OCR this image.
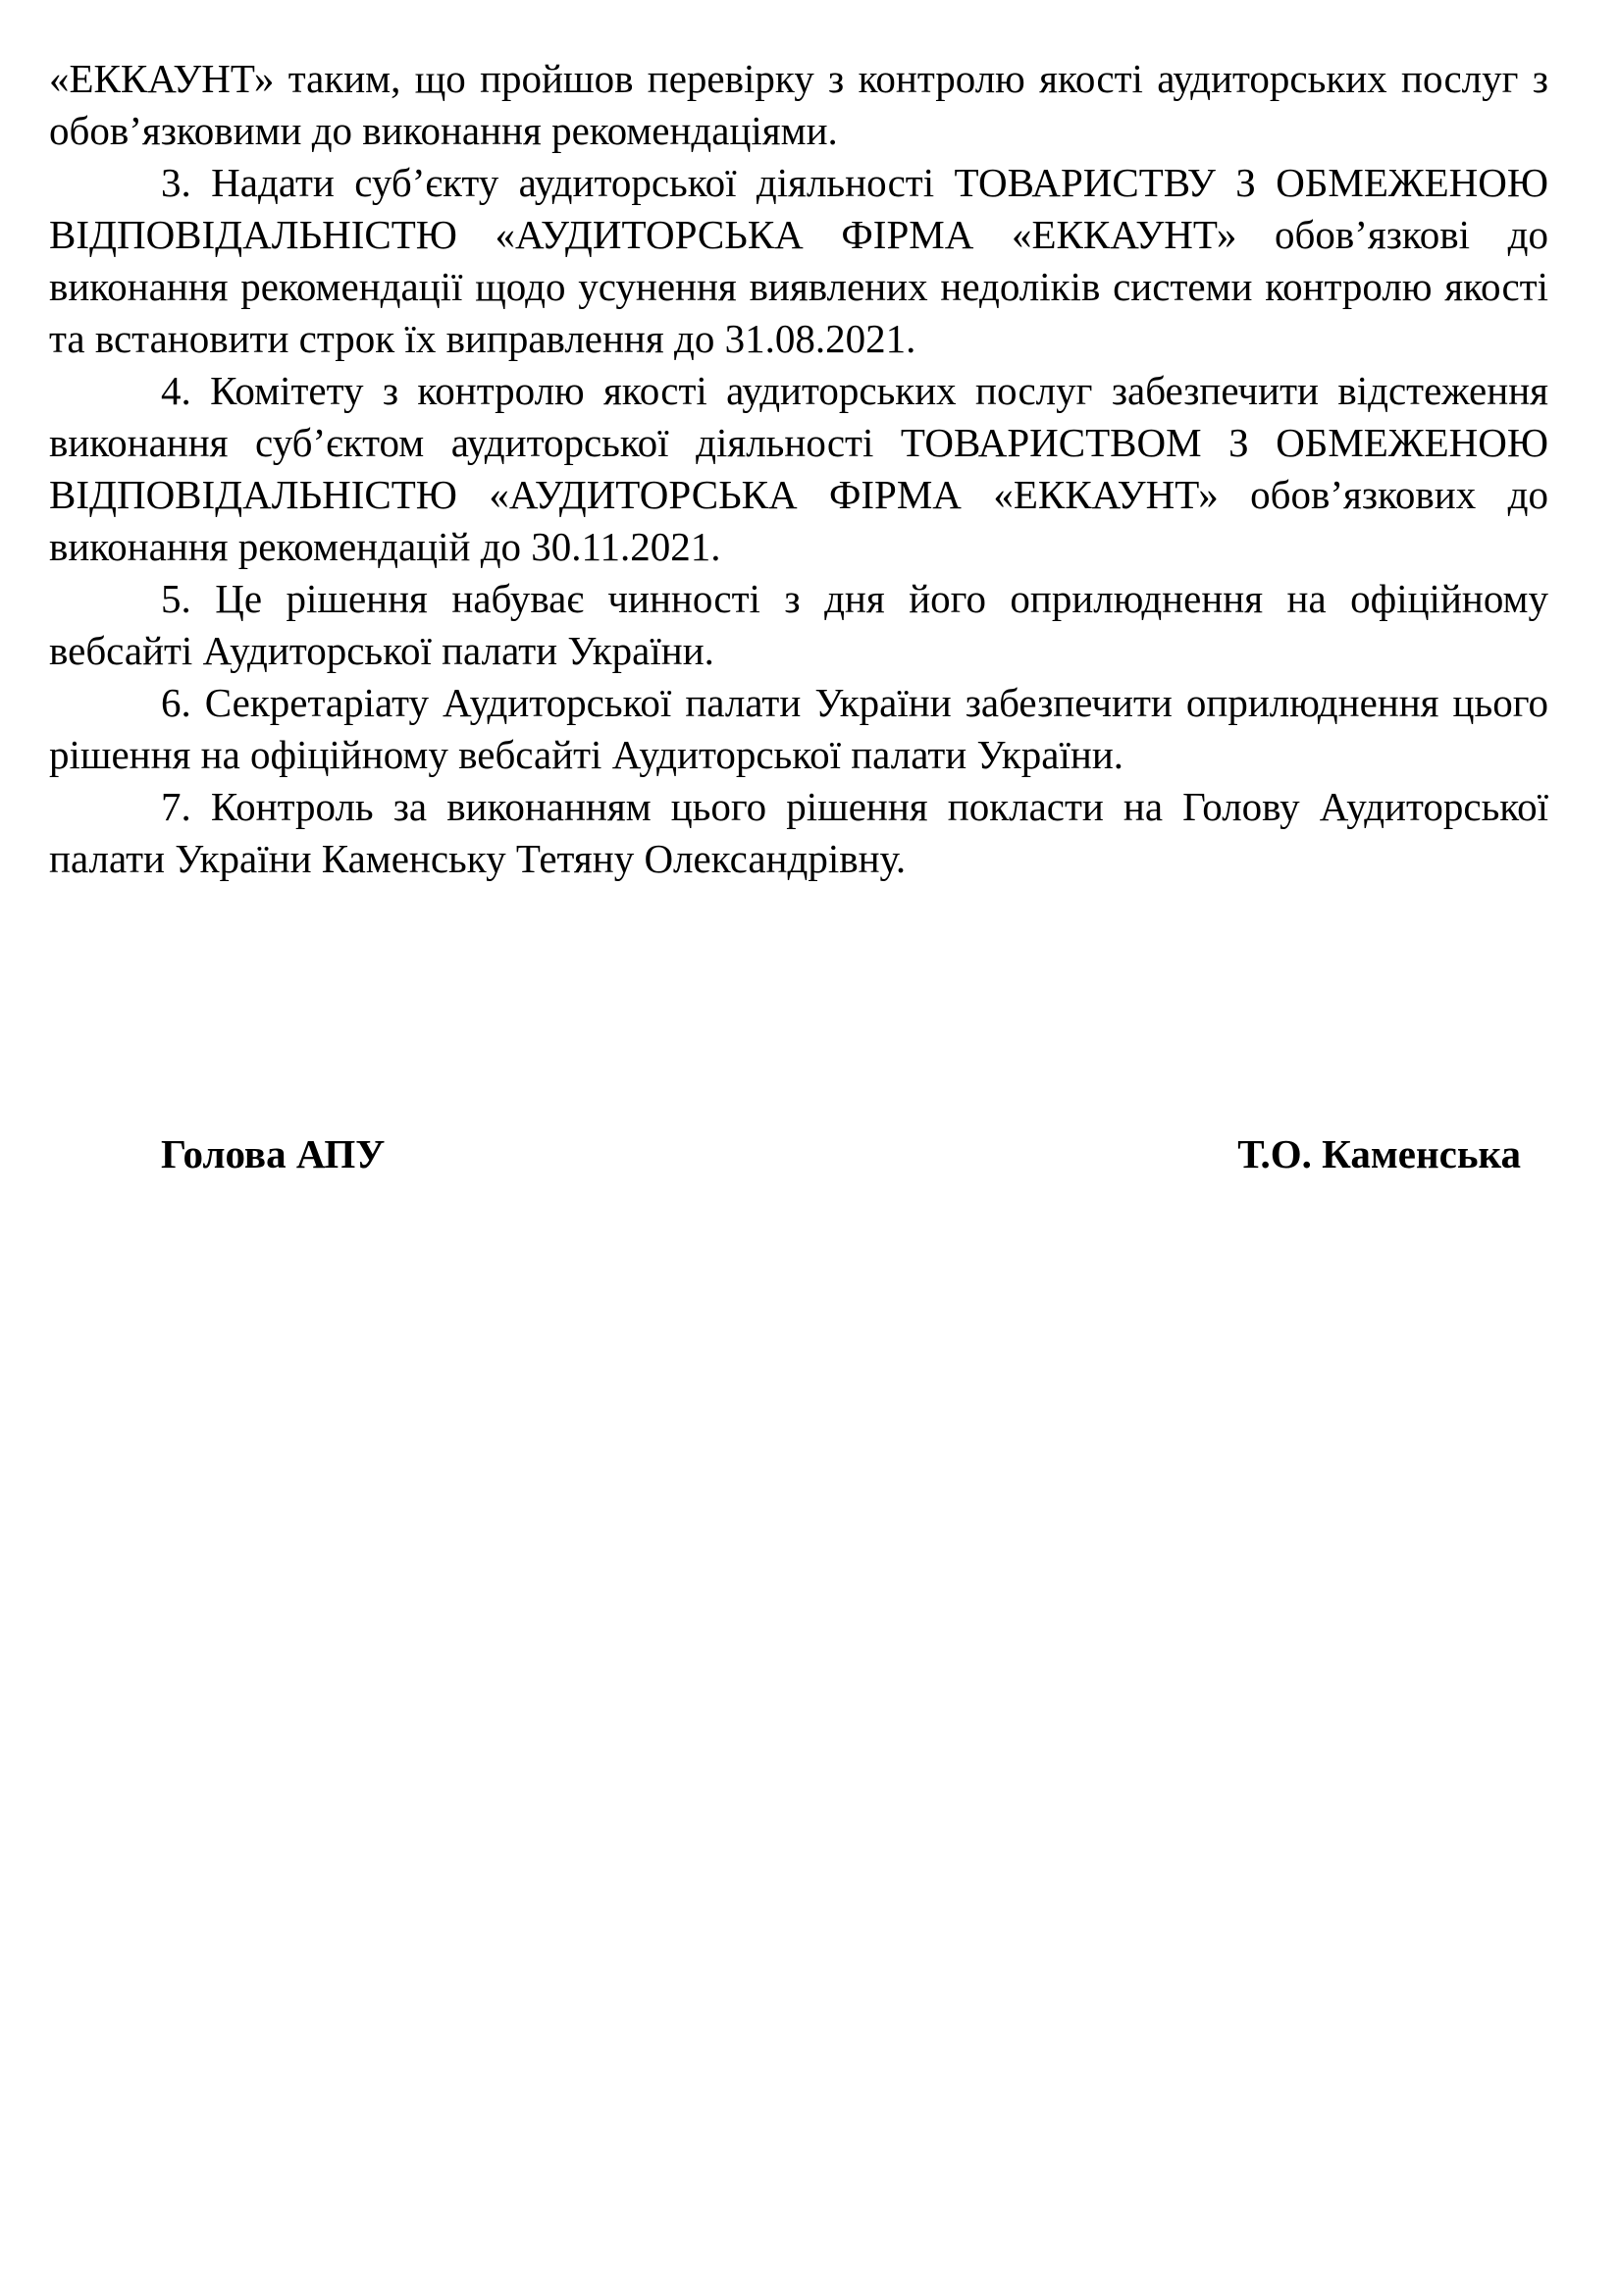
«ЕККАУНТ» таким, що пройшов перевірку з контролю якості аудиторських послуг з обов’язковими до виконання рекомендаціями.

3. Надати суб’єкту аудиторської діяльності ТОВАРИСТВУ З ОБМЕЖЕНОЮ ВІДПОВІДАЛЬНІСТЮ «АУДИТОРСЬКА ФІРМА «ЕККАУНТ» обов’язкові до виконання рекомендації щодо усунення виявлених недоліків системи контролю якості та встановити строк їх виправлення до 31.08.2021.

4. Комітету з контролю якості аудиторських послуг забезпечити відстеження виконання суб’єктом аудиторської діяльності ТОВАРИСТВОМ З ОБМЕЖЕНОЮ ВІДПОВІДАЛЬНІСТЮ «АУДИТОРСЬКА ФІРМА «ЕККАУНТ» обов’язкових до виконання рекомендацій до 30.11.2021.

5. Це рішення набуває чинності з дня його оприлюднення на офіційному вебсайті Аудиторської палати України.

6. Секретаріату Аудиторської палати України забезпечити оприлюднення цього рішення на офіційному вебсайті Аудиторської палати України.

7. Контроль за виконанням цього рішення покласти на Голову Аудиторської палати України Каменську Тетяну Олександрівну.

Голова АПУ	Т.О. Каменська
